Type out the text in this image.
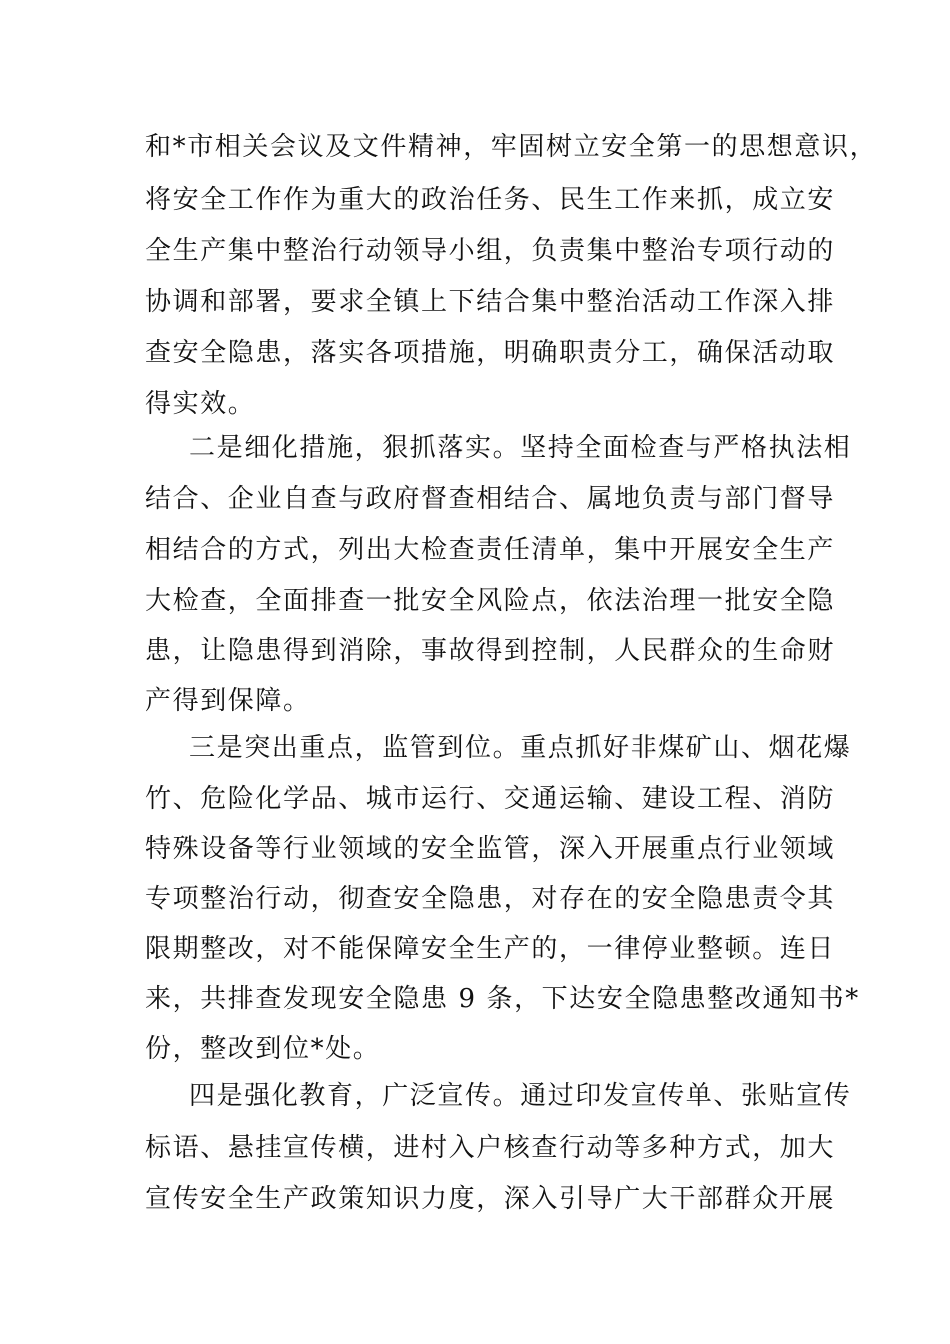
和*市相关会议及文件精神，牢固树立安全第一的思想意识，

将安全工作作为重大的政治任务、民生工作来抓，成立安

全生产集中整治行动领导小组，负责集中整治专项行动的

协调和部署，要求全镇上下结合集中整治活动工作深入排

查安全隐患，落实各项措施，明确职责分工，确保活动取

得实效。

二是细化措施，狠抓落实。坚持全面检查与严格执法相

结合、企业自查与政府督查相结合、属地负责与部门督导

相结合的方式，列出大检查责任清单，集中开展安全生产

大检查，全面排查一批安全风险点，依法治理一批安全隐

患，让隐患得到消除，事故得到控制，人民群众的生命财

产得到保障。

三是突出重点，监管到位。重点抓好非煤矿山、烟花爆

竹、危险化学品、城市运行、交通运输、建设工程、消防

特殊设备等行业领域的安全监管，深入开展重点行业领域

专项整治行动，彻查安全隐患，对存在的安全隐患责令其

限期整改，对不能保障安全生产的，一律停业整顿。连日

来，共排查发现安全隐患 9 条，下达安全隐患整改通知书*

份，整改到位*处。

四是强化教育，广泛宣传。通过印发宣传单、张贴宣传

标语、悬挂宣传横，进村入户核查行动等多种方式，加大

宣传安全生产政策知识力度，深入引导广大干部群众开展
